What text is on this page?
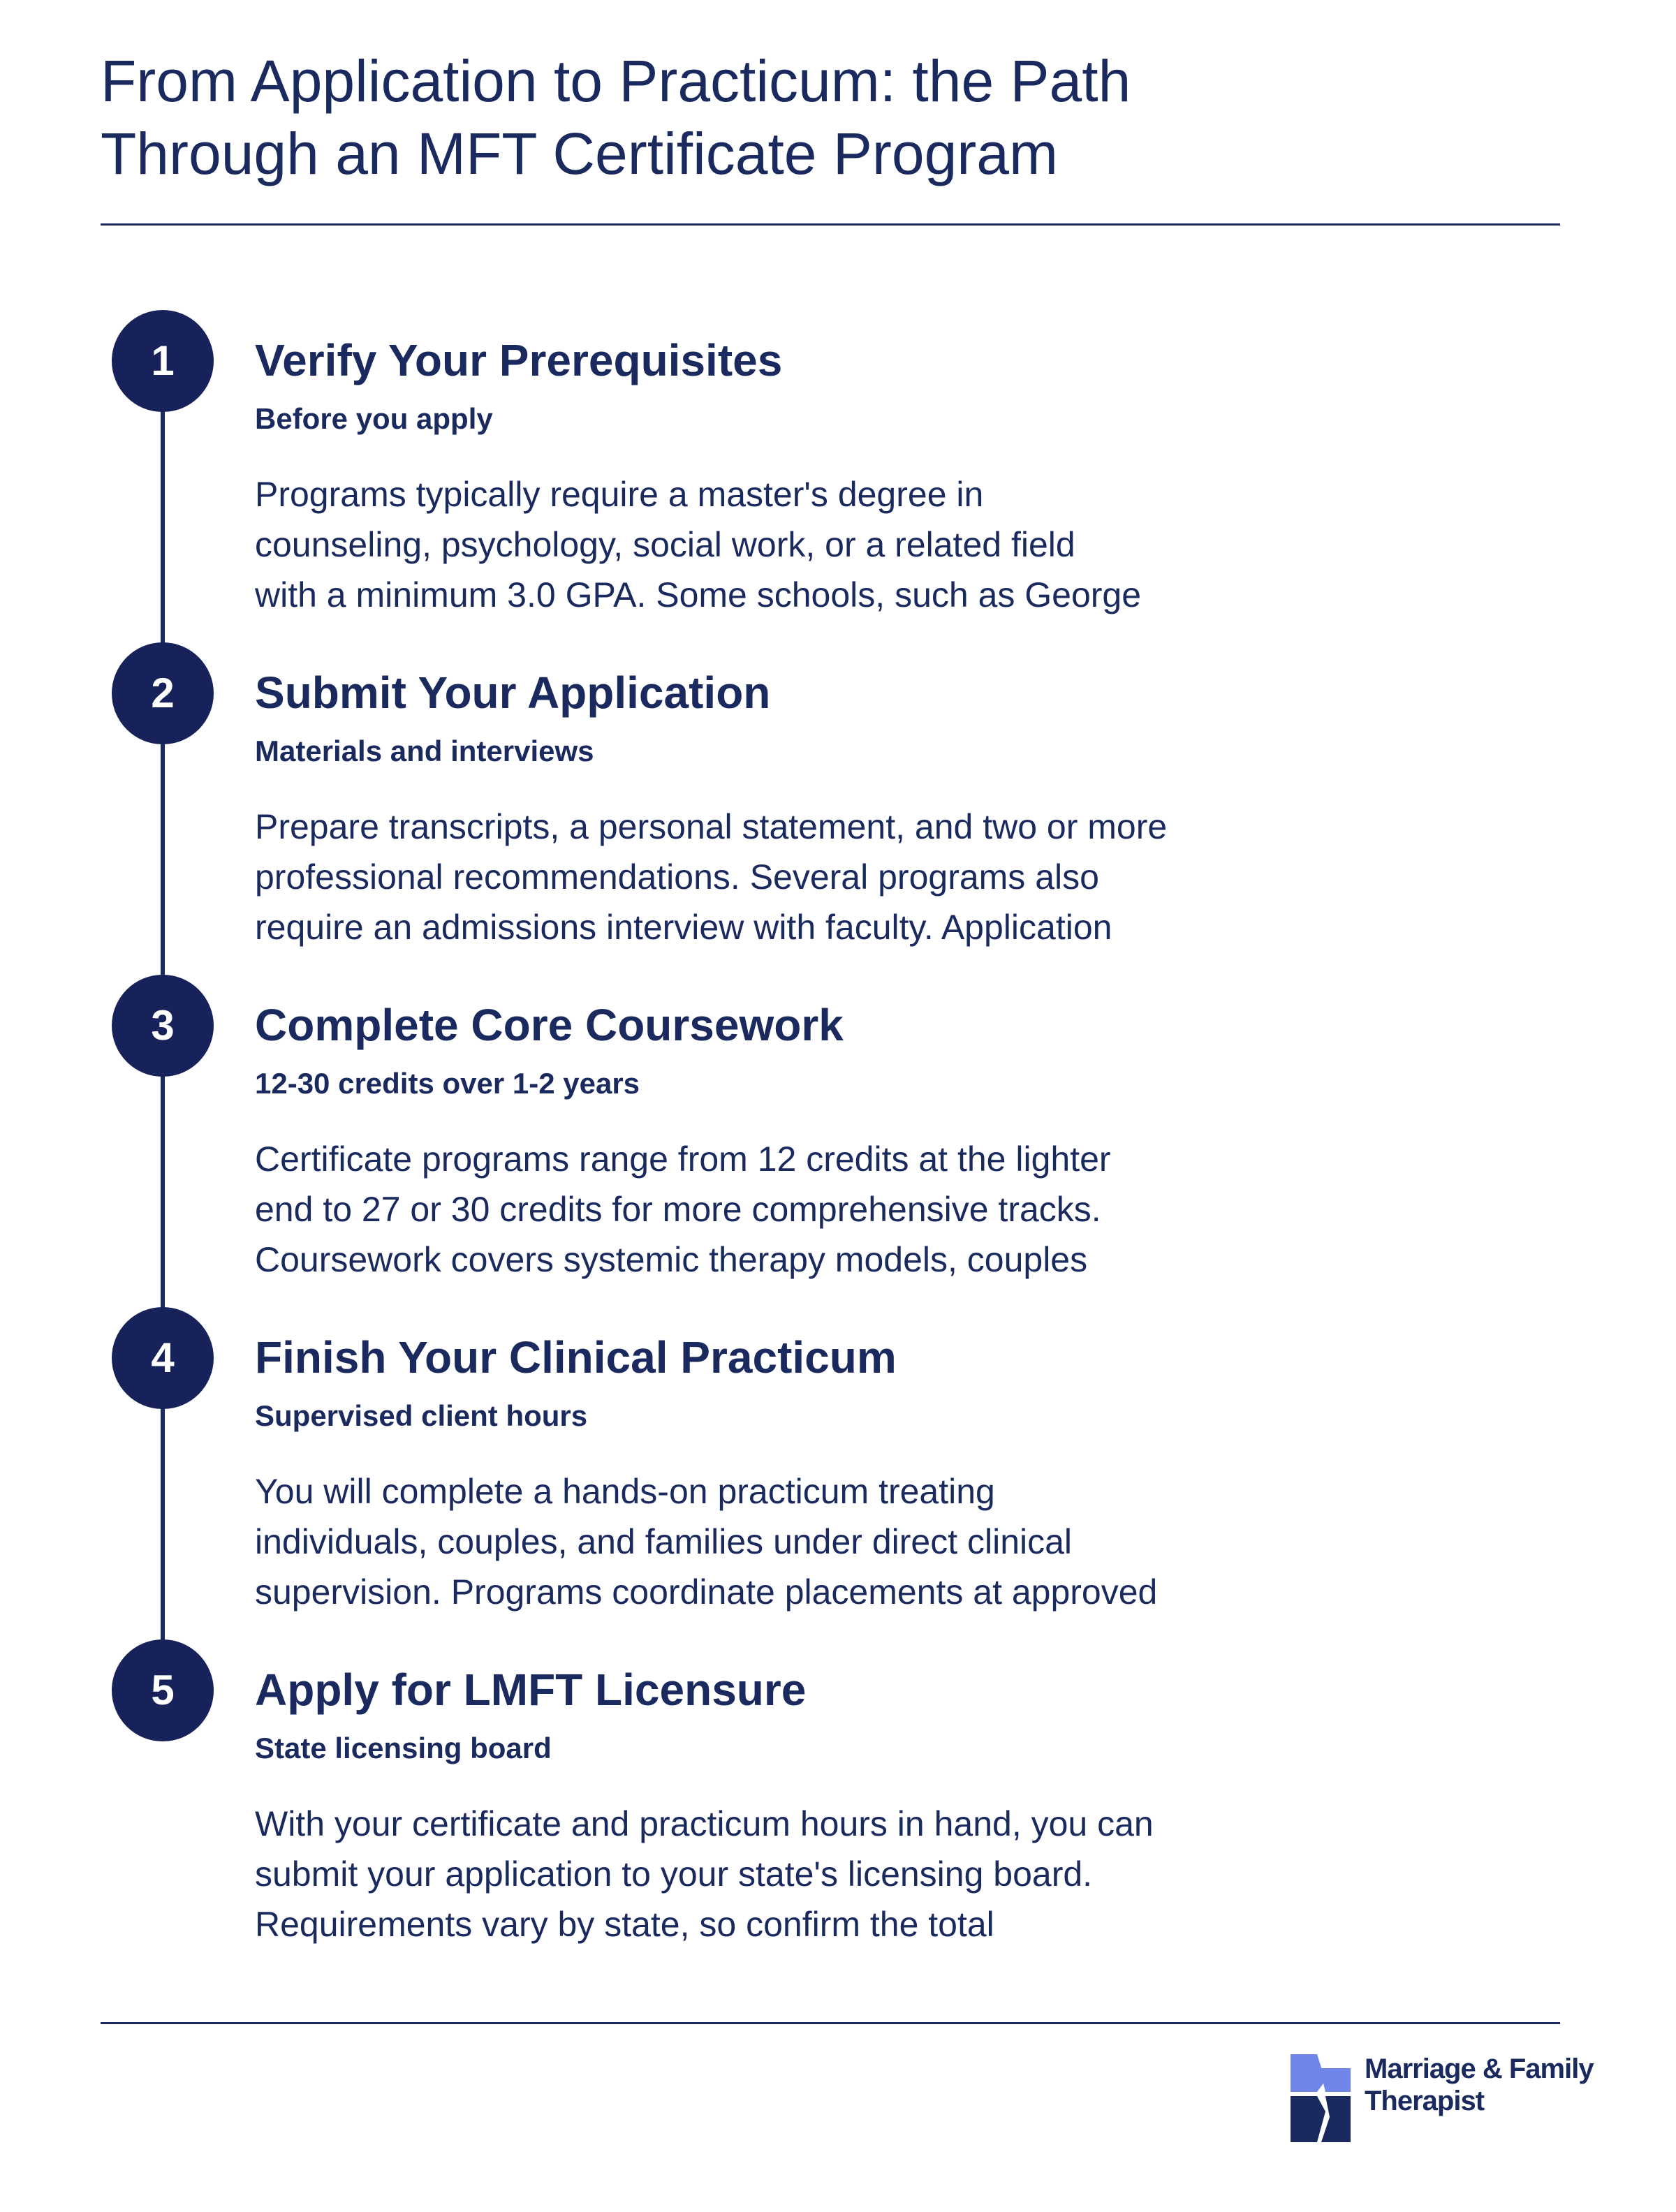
From Application to Practicum: the Path
Through an MFT Certificate Program
1	Verify Your Prerequisites
Before you apply
Programs typically require a master's degree in
counseling, psychology, social work, or a related field
with a minimum 3.0 GPA. Some schools, such as George
2	Submit Your Application
Materials and interviews
Prepare transcripts, a personal statement, and two or more
professional recommendations. Several programs also
require an admissions interview with faculty. Application
3	Complete Core Coursework
12-30 credits over 1-2 years
Certificate programs range from 12 credits at the lighter
end to 27 or 30 credits for more comprehensive tracks.
Coursework covers systemic therapy models, couples
4	Finish Your Clinical Practicum
Supervised client hours
You will complete a hands-on practicum treating
individuals, couples, and families under direct clinical
supervision. Programs coordinate placements at approved
5	Apply for LMFT Licensure
State licensing board
With your certificate and practicum hours in hand, you can
submit your application to your state's licensing board.
Requirements vary by state, so confirm the total
Marriage & Family
Therapist
